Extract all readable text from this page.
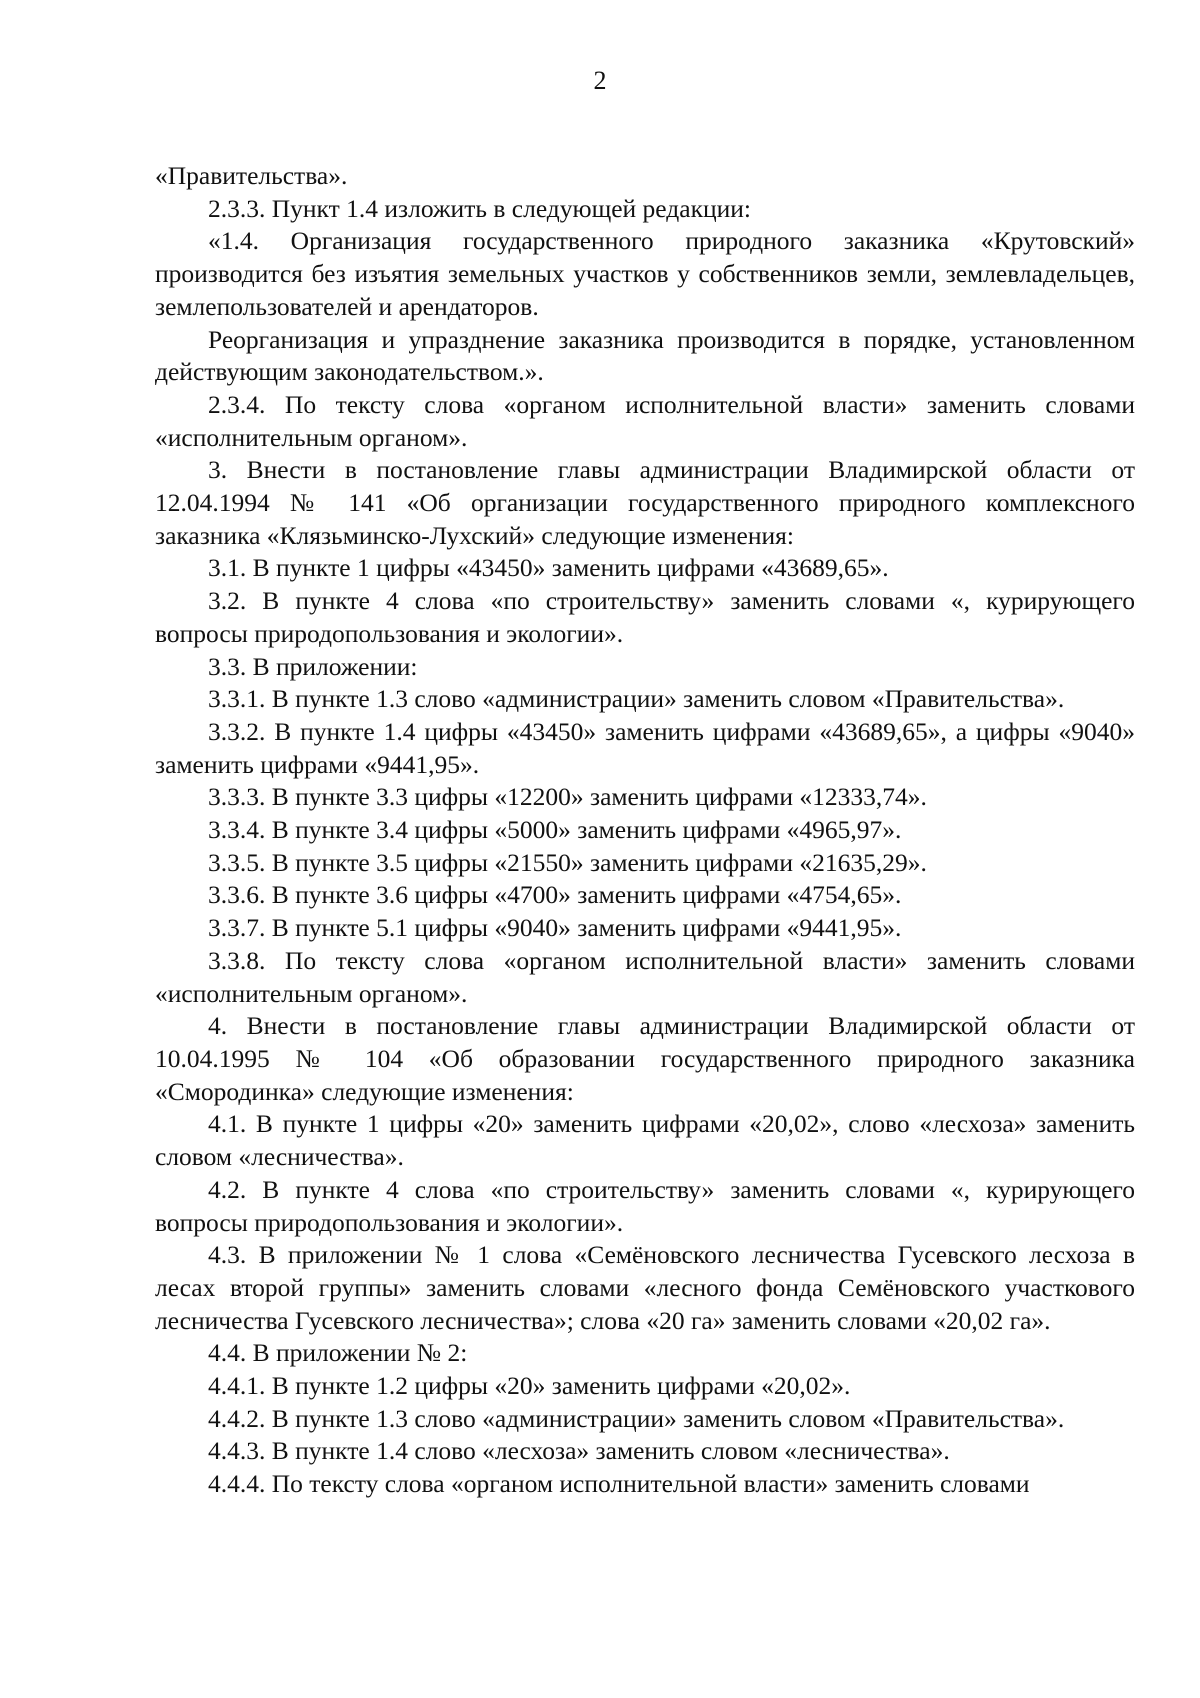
2

«Правительства».

2.3.3. Пункт 1.4 изложить в следующей редакции:

«1.4. Организация государственного природного заказника «Крутовский» производится без изъятия земельных участков у собственников земли, землевладельцев, землепользователей и арендаторов.

Реорганизация и упразднение заказника производится в порядке, установленном действующим законодательством.».

2.3.4. По тексту слова «органом исполнительной власти» заменить словами «исполнительным органом».

3. Внести в постановление главы администрации Владимирской области от 12.04.1994 № 141 «Об организации государственного природного комплексного заказника «Клязьминско-Лухский» следующие изменения:

3.1. В пункте 1 цифры «43450» заменить цифрами «43689,65».

3.2. В пункте 4 слова «по строительству» заменить словами «, курирующего вопросы природопользования и экологии».

3.3. В приложении:

3.3.1. В пункте 1.3 слово «администрации» заменить словом «Правительства».

3.3.2. В пункте 1.4 цифры «43450» заменить цифрами «43689,65», а цифры «9040» заменить цифрами «9441,95».

3.3.3. В пункте 3.3 цифры «12200» заменить цифрами «12333,74».

3.3.4. В пункте 3.4 цифры «5000» заменить цифрами «4965,97».

3.3.5. В пункте 3.5 цифры «21550» заменить цифрами «21635,29».

3.3.6. В пункте 3.6 цифры «4700» заменить цифрами «4754,65».

3.3.7. В пункте 5.1 цифры «9040» заменить цифрами «9441,95».

3.3.8. По тексту слова «органом исполнительной власти» заменить словами «исполнительным органом».

4. Внести в постановление главы администрации Владимирской области от 10.04.1995 № 104 «Об образовании государственного природного заказника «Смородинка» следующие изменения:

4.1. В пункте 1 цифры «20» заменить цифрами «20,02», слово «лесхоза» заменить словом «лесничества».

4.2. В пункте 4 слова «по строительству» заменить словами «, курирующего вопросы природопользования и экологии».

4.3. В приложении № 1 слова «Семёновского лесничества Гусевского лесхоза в лесах второй группы» заменить словами «лесного фонда Семёновского участкового лесничества Гусевского лесничества»; слова «20 га» заменить словами «20,02 га».

4.4. В приложении № 2:

4.4.1. В пункте 1.2 цифры «20» заменить цифрами «20,02».

4.4.2. В пункте 1.3 слово «администрации» заменить словом «Правительства».

4.4.3. В пункте 1.4 слово «лесхоза» заменить словом «лесничества».

4.4.4. По тексту слова «органом исполнительной власти» заменить словами
